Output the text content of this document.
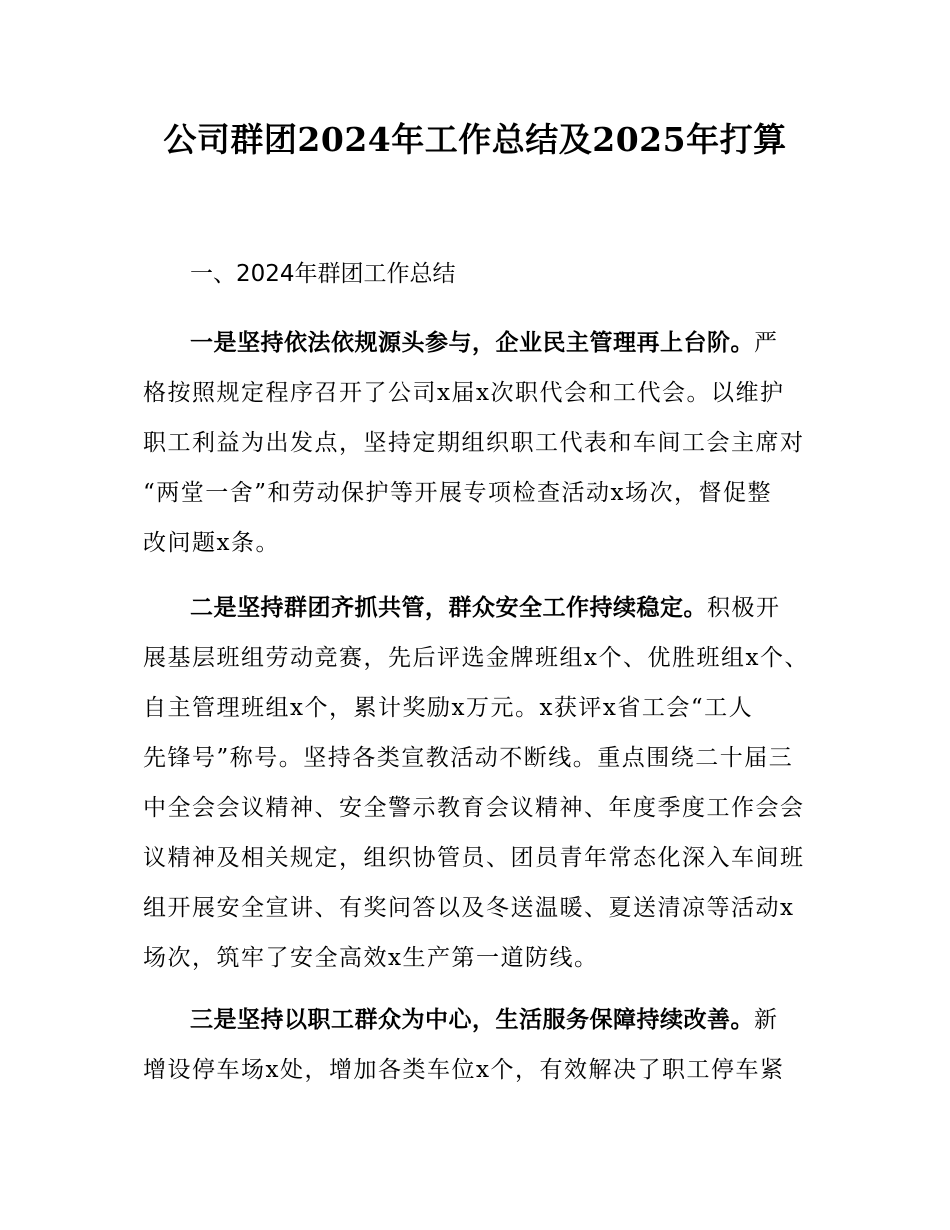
公司群团2024年工作总结及2025年打算
一、2024年群团工作总结
一是坚持依法依规源头参与，企业民主管理再上台阶。严
格按照规定程序召开了公司x届x次职代会和工代会。以维护
职工利益为出发点，坚持定期组织职工代表和车间工会主席对
“两堂一舍”和劳动保护等开展专项检查活动x场次，督促整
改问题x条。
二是坚持群团齐抓共管，群众安全工作持续稳定。积极开
展基层班组劳动竞赛，先后评选金牌班组x个、优胜班组x个、
自主管理班组x个，累计奖励x万元。x获评x省工会“工人
先锋号”称号。坚持各类宣教活动不断线。重点围绕二十届三
中全会会议精神、安全警示教育会议精神、年度季度工作会会
议精神及相关规定，组织协管员、团员青年常态化深入车间班
组开展安全宣讲、有奖问答以及冬送温暖、夏送清凉等活动x
场次，筑牢了安全高效x生产第一道防线。
三是坚持以职工群众为中心，生活服务保障持续改善。新
增设停车场x处，增加各类车位x个，有效解决了职工停车紧
